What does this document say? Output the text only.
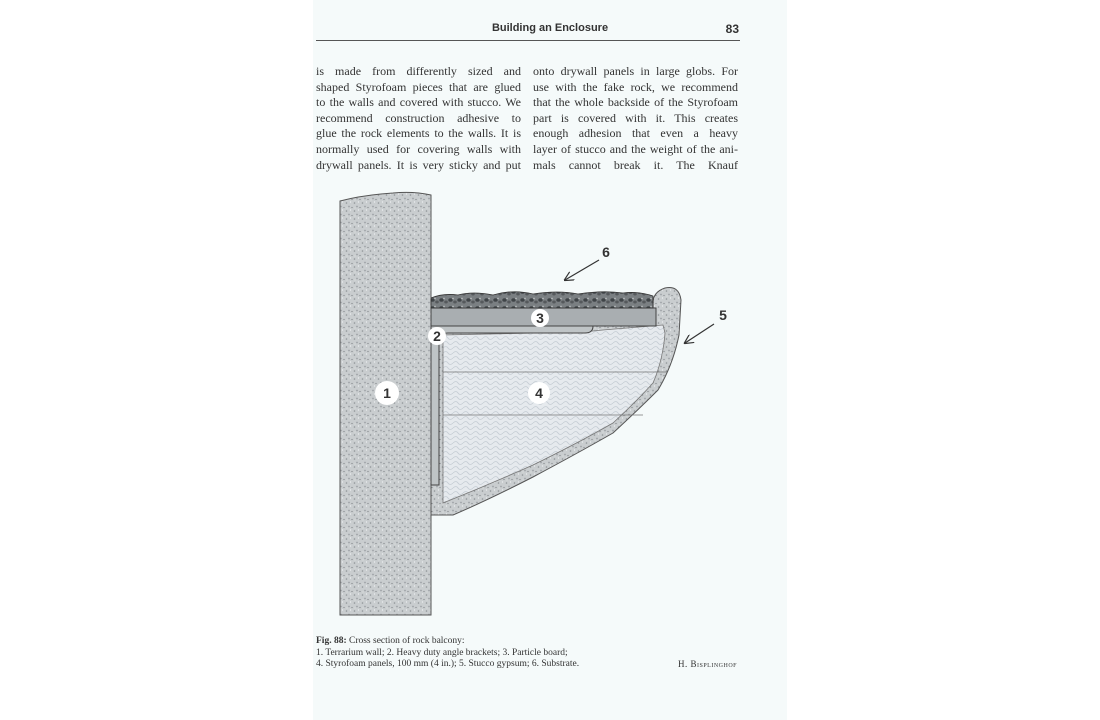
Building an Enclosure	83
is made from differently sized and
shaped Styrofoam pieces that are glued
to the walls and covered with stucco. We
recommend construction adhesive to
glue the rock elements to the walls. It is
normally used for covering walls with
drywall panels. It is very sticky and put
onto drywall panels in large globs. For
use with the fake rock, we recommend
that the whole backside of the Styrofoam
part is covered with it. This creates
enough adhesion that even a heavy
layer of stucco and the weight of the ani-
mals cannot break it. The Knauf
1
2
3
4
5
6
Fig. 88: Cross section of rock balcony:
1. Terrarium wall; 2. Heavy duty angle brackets; 3. Particle board;
4. Styrofoam panels, 100 mm (4 in.); 5. Stucco gypsum; 6. Substrate.	H. Bisplinghof
